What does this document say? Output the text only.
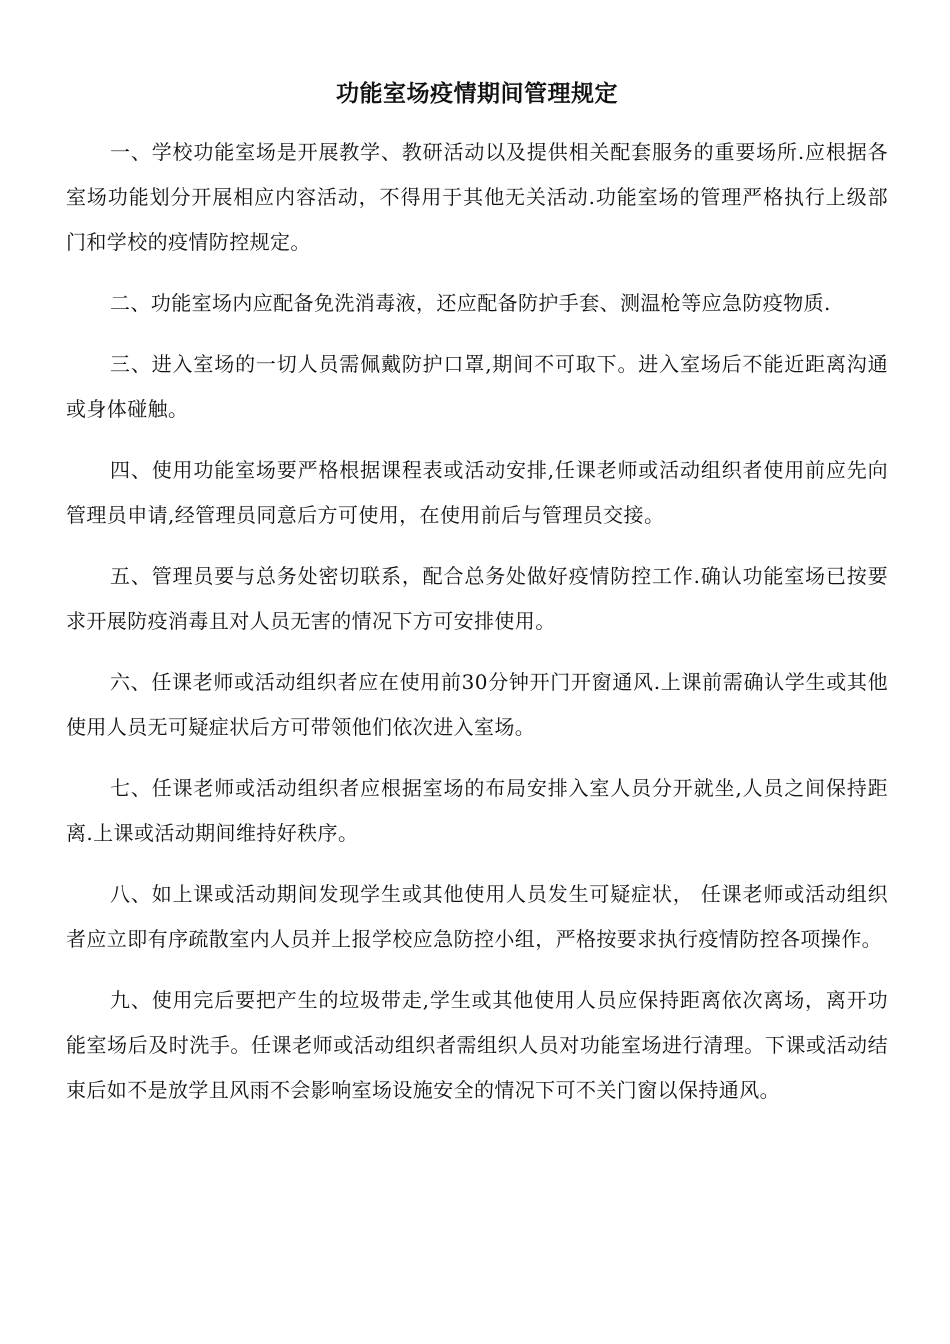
功能室场疫情期间管理规定

一、学校功能室场是开展教学、教研活动以及提供相关配套服务的重要场所.应根据各室场功能划分开展相应内容活动，不得用于其他无关活动.功能室场的管理严格执行上级部门和学校的疫情防控规定。

二、功能室场内应配备免洗消毒液，还应配备防护手套、测温枪等应急防疫物质.

三、进入室场的一切人员需佩戴防护口罩,期间不可取下。进入室场后不能近距离沟通或身体碰触。

四、使用功能室场要严格根据课程表或活动安排,任课老师或活动组织者使用前应先向管理员申请,经管理员同意后方可使用，在使用前后与管理员交接。

五、管理员要与总务处密切联系，配合总务处做好疫情防控工作.确认功能室场已按要求开展防疫消毒且对人员无害的情况下方可安排使用。

六、任课老师或活动组织者应在使用前30分钟开门开窗通风.上课前需确认学生或其他使用人员无可疑症状后方可带领他们依次进入室场。

七、任课老师或活动组织者应根据室场的布局安排入室人员分开就坐,人员之间保持距离.上课或活动期间维持好秩序。

八、如上课或活动期间发现学生或其他使用人员发生可疑症状， 任课老师或活动组织者应立即有序疏散室内人员并上报学校应急防控小组，严格按要求执行疫情防控各项操作。

九、使用完后要把产生的垃圾带走,学生或其他使用人员应保持距离依次离场，离开功能室场后及时洗手。任课老师或活动组织者需组织人员对功能室场进行清理。下课或活动结束后如不是放学且风雨不会影响室场设施安全的情况下可不关门窗以保持通风。
